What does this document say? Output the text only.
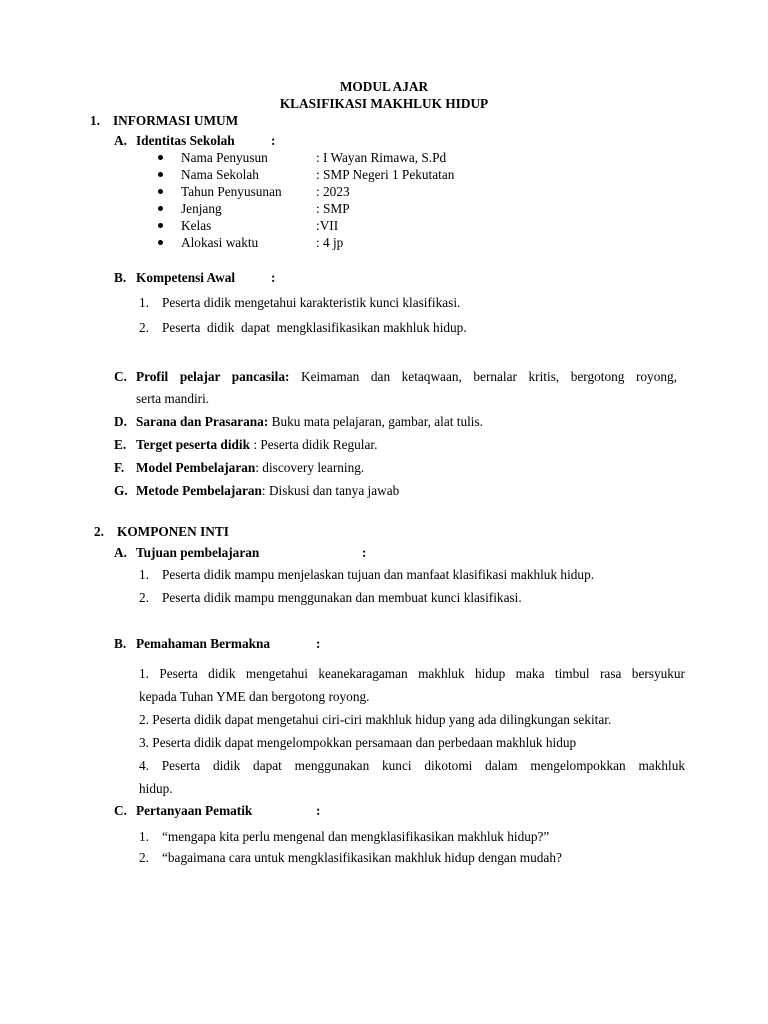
MODUL AJAR
KLASIFIKASI MAKHLUK HIDUP
1. INFORMASI UMUM
A. Identitas Sekolah	:
Nama Penyusun	: I Wayan Rimawa, S.Pd
Nama Sekolah	: SMP Negeri 1 Pekutatan
Tahun Penyusunan	: 2023
Jenjang	: SMP
Kelas	:VII
Alokasi waktu	: 4 jp
B. Kompetensi Awal	:
1. Peserta didik mengetahui karakteristik kunci klasifikasi.
2. Peserta  didik  dapat  mengklasifikasikan makhluk hidup.
C. Profil pelajar pancasila: Keimaman dan ketaqwaan, bernalar kritis, bergotong royong,
serta mandiri.
D. Sarana dan Prasarana: Buku mata pelajaran, gambar, alat tulis.
E. Terget peserta didik : Peserta didik Regular.
F. Model Pembelajaran: discovery learning.
G. Metode Pembelajaran: Diskusi dan tanya jawab
2. KOMPONEN INTI
A. Tujuan pembelajaran	:
1. Peserta didik mampu menjelaskan tujuan dan manfaat klasifikasi makhluk hidup.
2. Peserta didik mampu menggunakan dan membuat kunci klasifikasi.
B. Pemahaman Bermakna	:
1. Peserta didik mengetahui keanekaragaman makhluk hidup maka timbul rasa bersyukur
kepada Tuhan YME dan bergotong royong.
2. Peserta didik dapat mengetahui ciri-ciri makhluk hidup yang ada dilingkungan sekitar.
3. Peserta didik dapat mengelompokkan persamaan dan perbedaan makhluk hidup
4. Peserta didik dapat menggunakan kunci dikotomi dalam mengelompokkan makhluk
hidup.
C. Pertanyaan Pematik	:
1. “mengapa kita perlu mengenal dan mengklasifikasikan makhluk hidup?”
2. “bagaimana cara untuk mengklasifikasikan makhluk hidup dengan mudah?
